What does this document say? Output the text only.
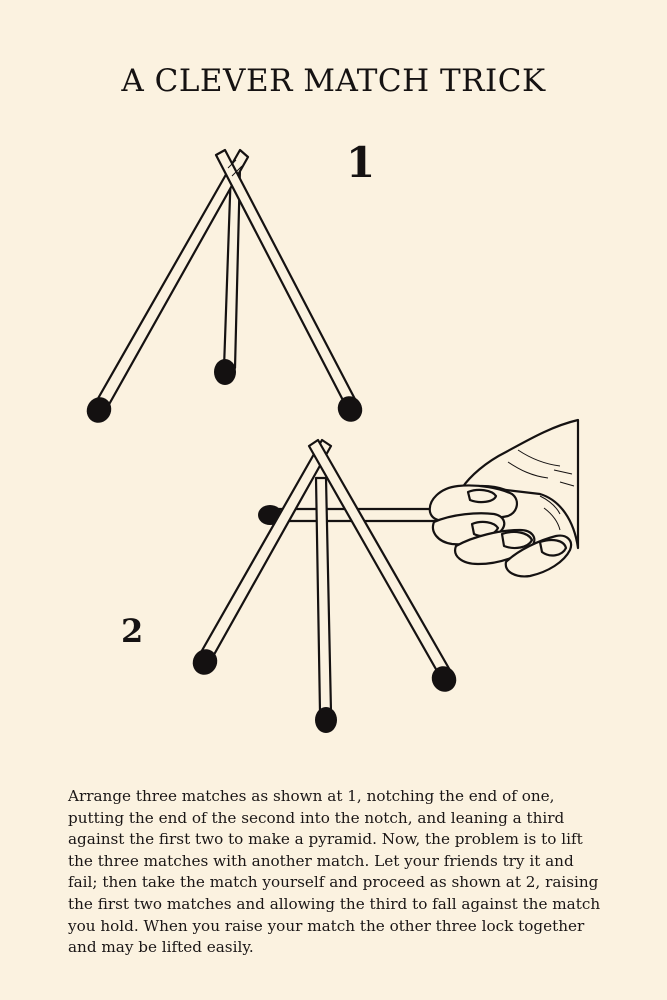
A CLEVER MATCH TRICK
1
2

Arrange three matches as shown at 1, notching the end of one,
putting the end of the second into the notch, and leaning a third
against the first two to make a pyramid. Now, the problem is to lift
the three matches with another match. Let your friends try it and
fail; then take the match yourself and proceed as shown at 2, raising
the first two matches and allowing the third to fall against the match
you hold. When you raise your match the other three lock together
and may be lifted easily.
